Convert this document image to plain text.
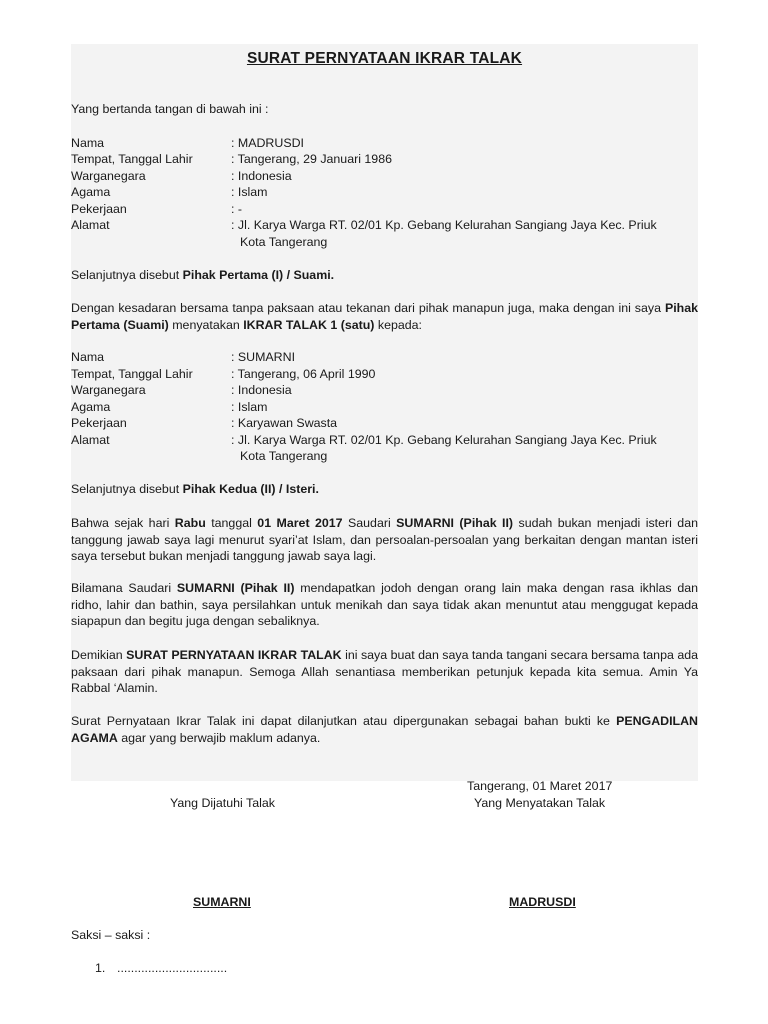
SURAT PERNYATAAN IKRAR TALAK
Yang bertanda tangan di bawah ini :
Nama	: MADRUSDI
Tempat, Tanggal Lahir	: Tangerang, 29 Januari 1986
Warganegara	: Indonesia
Agama	: Islam
Pekerjaan	: -
Alamat	: Jl. Karya Warga RT. 02/01 Kp. Gebang Kelurahan Sangiang Jaya Kec. Priuk
Kota Tangerang
Selanjutnya disebut Pihak Pertama (I) / Suami.
Dengan kesadaran bersama tanpa paksaan atau tekanan dari pihak manapun juga, maka dengan ini saya Pihak Pertama (Suami) menyatakan IKRAR TALAK 1 (satu) kepada:
Nama	: SUMARNI
Tempat, Tanggal Lahir	: Tangerang, 06 April 1990
Warganegara	: Indonesia
Agama	: Islam
Pekerjaan	: Karyawan Swasta
Alamat	: Jl. Karya Warga RT. 02/01 Kp. Gebang Kelurahan Sangiang Jaya Kec. Priuk
Kota Tangerang
Selanjutnya disebut Pihak Kedua (II) / Isteri.
Bahwa sejak hari Rabu tanggal 01 Maret 2017 Saudari SUMARNI (Pihak II) sudah bukan menjadi isteri dan tanggung jawab saya lagi menurut syari’at Islam, dan persoalan-persoalan yang berkaitan dengan mantan isteri saya tersebut bukan menjadi tanggung jawab saya lagi.
Bilamana Saudari SUMARNI (Pihak II) mendapatkan jodoh dengan orang lain maka dengan rasa ikhlas dan ridho, lahir dan bathin, saya persilahkan untuk menikah dan saya tidak akan menuntut atau menggugat kepada siapapun dan begitu juga dengan sebaliknya.
Demikian SURAT PERNYATAAN IKRAR TALAK ini saya buat dan saya tanda tangani secara bersama tanpa ada paksaan dari pihak manapun. Semoga Allah senantiasa memberikan petunjuk kepada kita semua. Amin Ya Rabbal ‘Alamin.
Surat Pernyataan Ikrar Talak ini dapat dilanjutkan atau dipergunakan sebagai bahan bukti ke PENGADILAN AGAMA agar yang berwajib maklum adanya.
Tangerang, 01 Maret 2017
Yang Dijatuhi Talak	Yang Menyatakan Talak
SUMARNI	MADRUSDI
Saksi – saksi :
1. ................................
